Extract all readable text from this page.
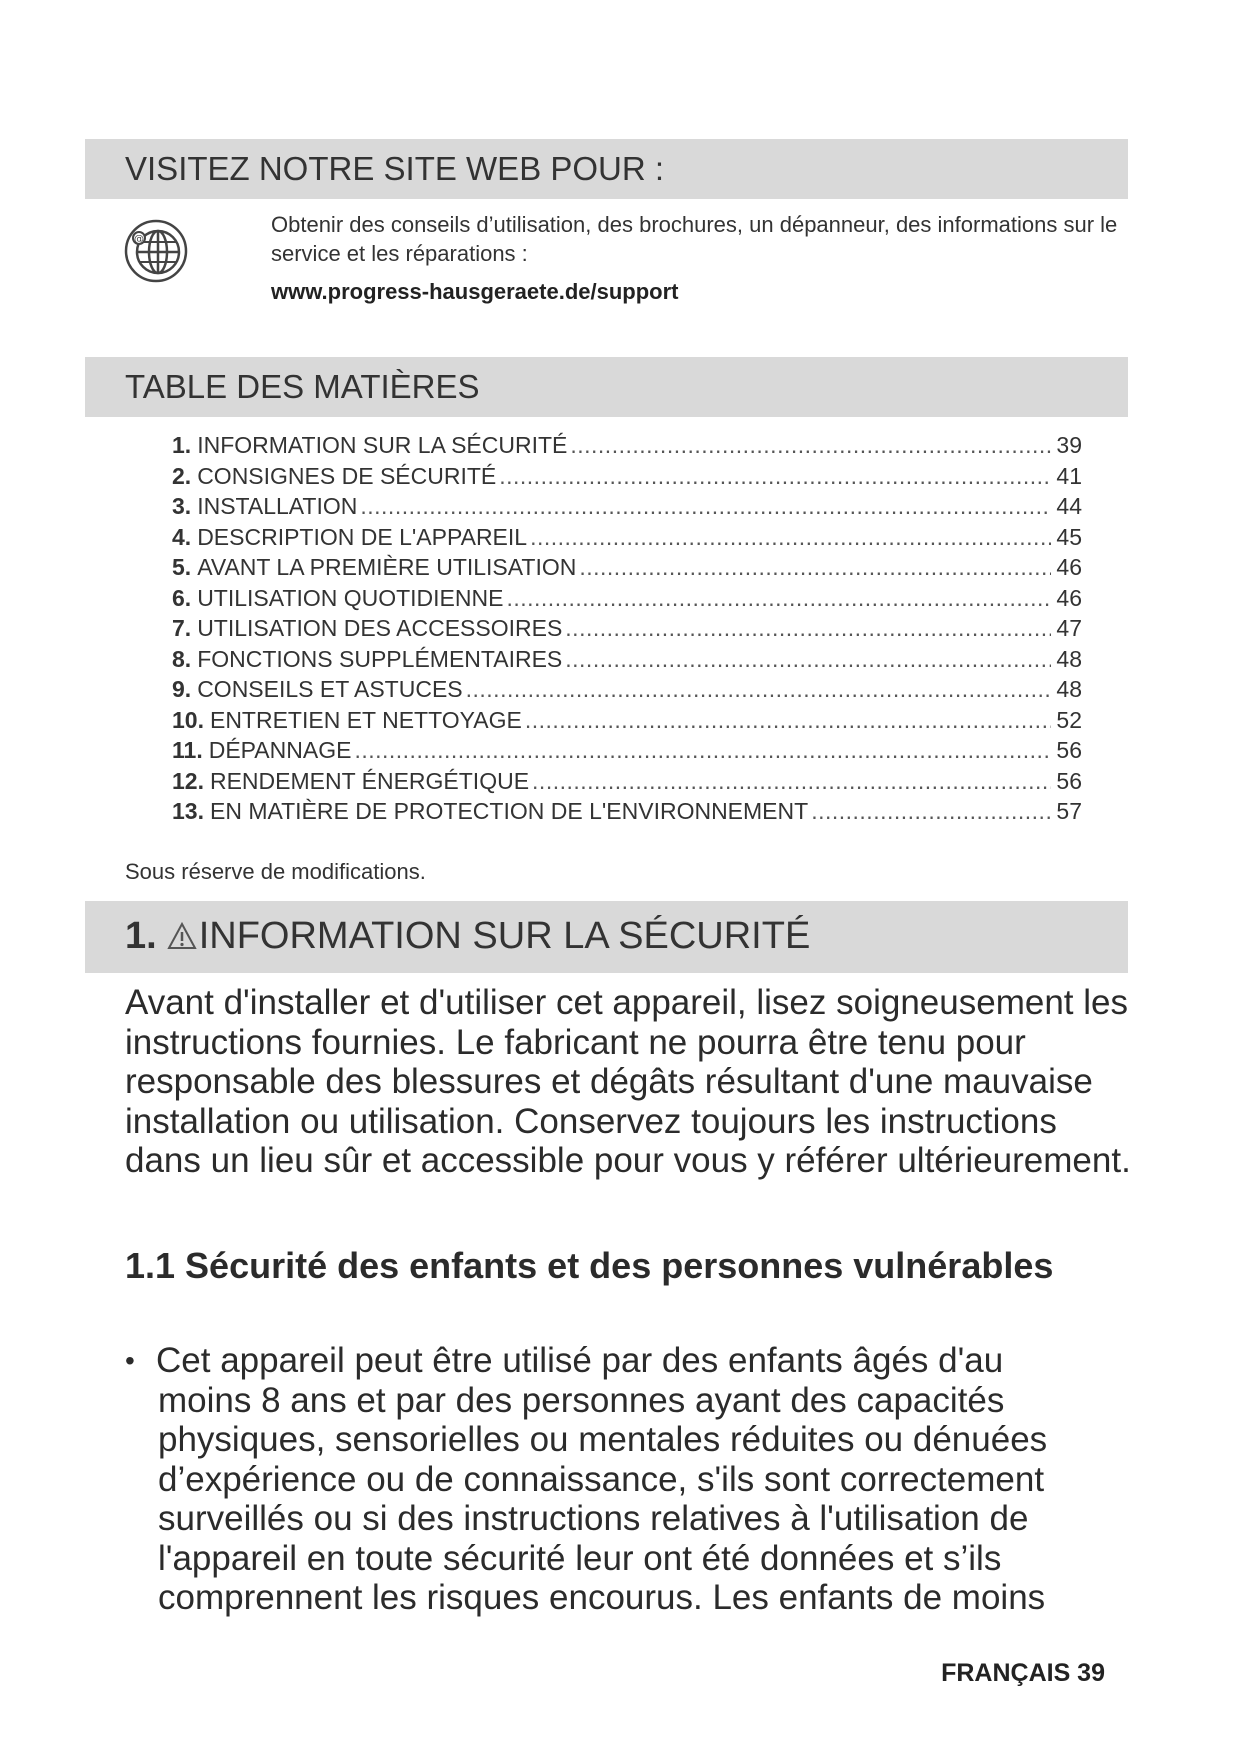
VISITEZ NOTRE SITE WEB POUR :
@
Obtenir des conseils d’utilisation, des brochures, un dépanneur, des informations sur le service et les réparations :
www.progress-hausgeraete.de/support
TABLE DES MATIÈRES
1. INFORMATION SUR LA SÉCURITÉ .....	39
2. CONSIGNES DE SÉCURITÉ .....	41
3. INSTALLATION .....	44
4. DESCRIPTION DE L'APPAREIL .....	45
5. AVANT LA PREMIÈRE UTILISATION .....	46
6. UTILISATION QUOTIDIENNE .....	46
7. UTILISATION DES ACCESSOIRES .....	47
8. FONCTIONS SUPPLÉMENTAIRES .....	48
9. CONSEILS ET ASTUCES .....	48
10. ENTRETIEN ET NETTOYAGE .....	52
11. DÉPANNAGE .....	56
12. RENDEMENT ÉNERGÉTIQUE .....	56
13. EN MATIÈRE DE PROTECTION DE L'ENVIRONNEMENT .....	57
Sous réserve de modifications.
1. INFORMATION SUR LA SÉCURITÉ
Avant d'installer et d'utiliser cet appareil, lisez soigneusement les instructions fournies. Le fabricant ne pourra être tenu pour responsable des blessures et dégâts résultant d'une mauvaise installation ou utilisation. Conservez toujours les instructions dans un lieu sûr et accessible pour vous y référer ultérieurement.
1.1 Sécurité des enfants et des personnes vulnérables
• Cet appareil peut être utilisé par des enfants âgés d'au
moins 8 ans et par des personnes ayant des capacités
physiques, sensorielles ou mentales réduites ou dénuées
d’expérience ou de connaissance, s'ils sont correctement
surveillés ou si des instructions relatives à l'utilisation de
l'appareil en toute sécurité leur ont été données et s’ils
comprennent les risques encourus. Les enfants de moins
FRANÇAIS 39
